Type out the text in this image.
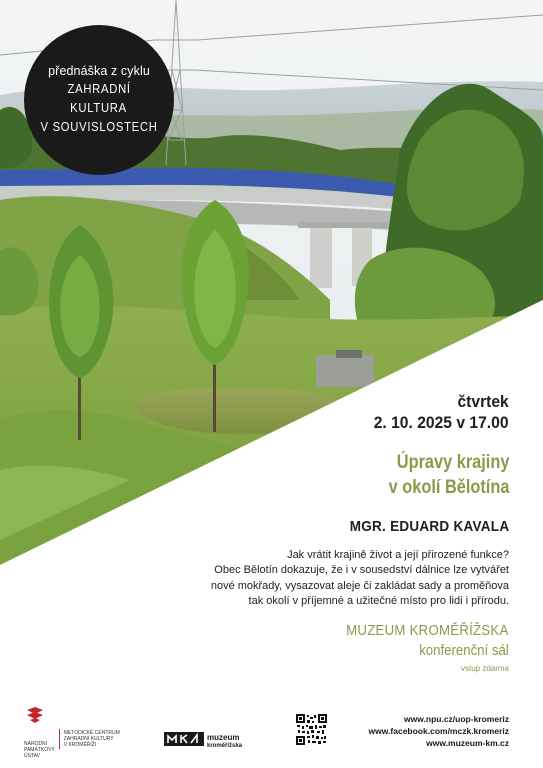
přednáška z cyklu
ZAHRADNÍ
KULTURA
V SOUVISLOSTECH
čtvrtek
2. 10. 2025 v 17.00
Úpravy krajiny
v okolí Bělotína
MGR. EDUARD KAVALA
Jak vrátit krajině život a její přirozené funkce?
Obec Bělotín dokazuje, že i v sousedství dálnice lze vytvářet
nové mokřady, vysazovat aleje či zakládat sady a proměňova
tak okolí v příjemné a užitečné místo pro lidi i přírodu.
MUZEUM KROMĚŘÍŽSKA
konferenční sál
vstup zdarma
NÁRODNÍ
PAMÁTKOVÝ
ÚSTAV
METODICKÉ CENTRUM
ZAHRADNÍ KULTURY
V KROMĚŘÍŽI
muzeum
kroměřížska
www.npu.cz/uop-kromeriz
www.facebook.com/mczk.kromeriz
www.muzeum-km.cz
